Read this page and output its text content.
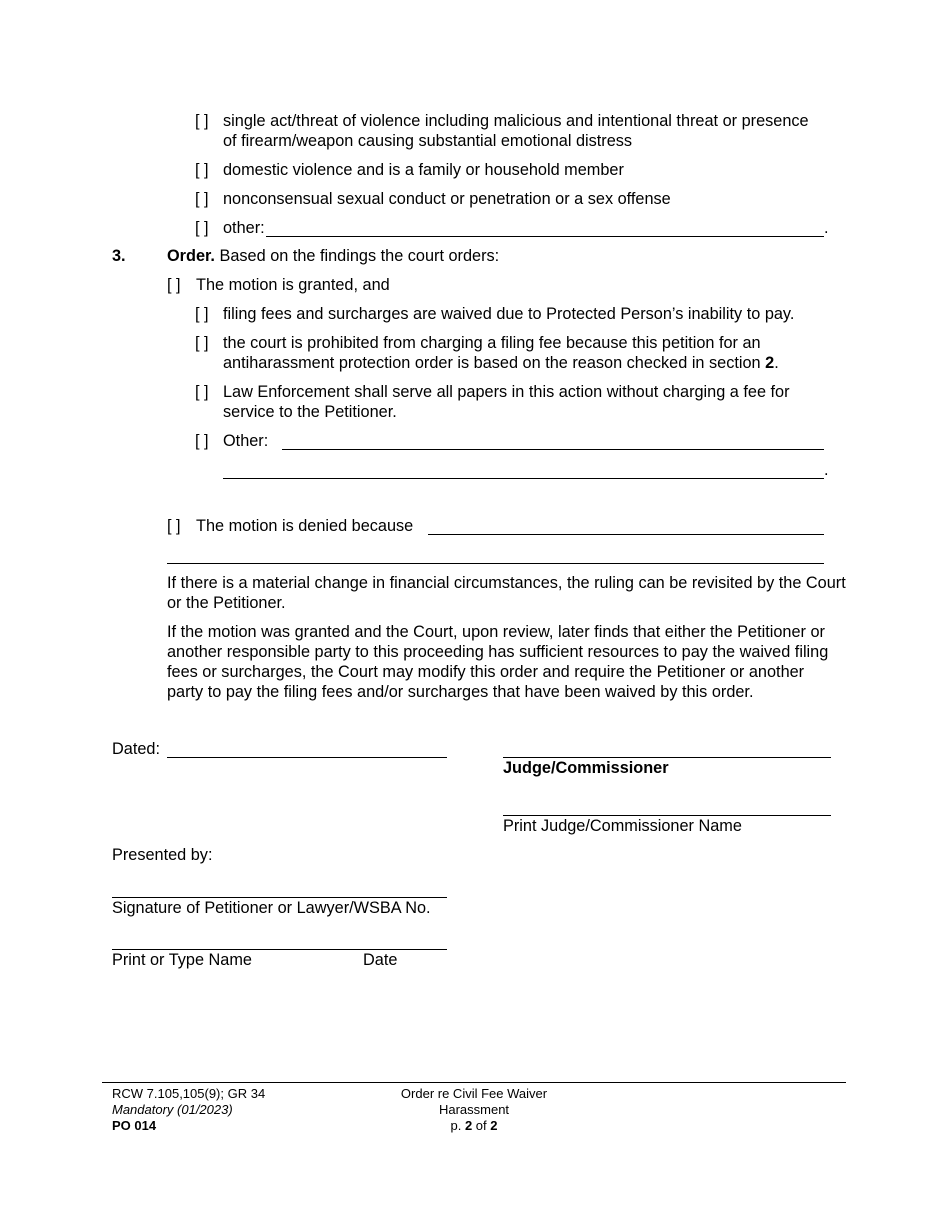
[ ] single act/threat of violence including malicious and intentional threat or presence
of firearm/weapon causing substantial emotional distress
[ ] domestic violence and is a family or household member
[ ] nonconsensual sexual conduct or penetration or a sex offense
[ ] other:	.
3.	Order. Based on the findings the court orders:
[ ] The motion is granted, and
[ ] filing fees and surcharges are waived due to Protected Person’s inability to pay.
[ ] the court is prohibited from charging a filing fee because this petition for an
antiharassment protection order is based on the reason checked in section 2.
[ ] Law Enforcement shall serve all papers in this action without charging a fee for
service to the Petitioner.
[ ] Other:
.
[ ] The motion is denied because
If there is a material change in financial circumstances, the ruling can be revisited by the Court or the Petitioner.
If the motion was granted and the Court, upon review, later finds that either the Petitioner or another responsible party to this proceeding has sufficient resources to pay the waived filing fees or surcharges, the Court may modify this order and require the Petitioner or another party to pay the filing fees and/or surcharges that have been waived by this order.
Dated:
Judge/Commissioner
Print Judge/Commissioner Name
Presented by:
Signature of Petitioner or Lawyer/WSBA No.
Print or Type Name	Date
RCW 7.105,105(9); GR 34
Mandatory (01/2023)
PO 014
Order re Civil Fee Waiver
Harassment
p. 2 of 2
